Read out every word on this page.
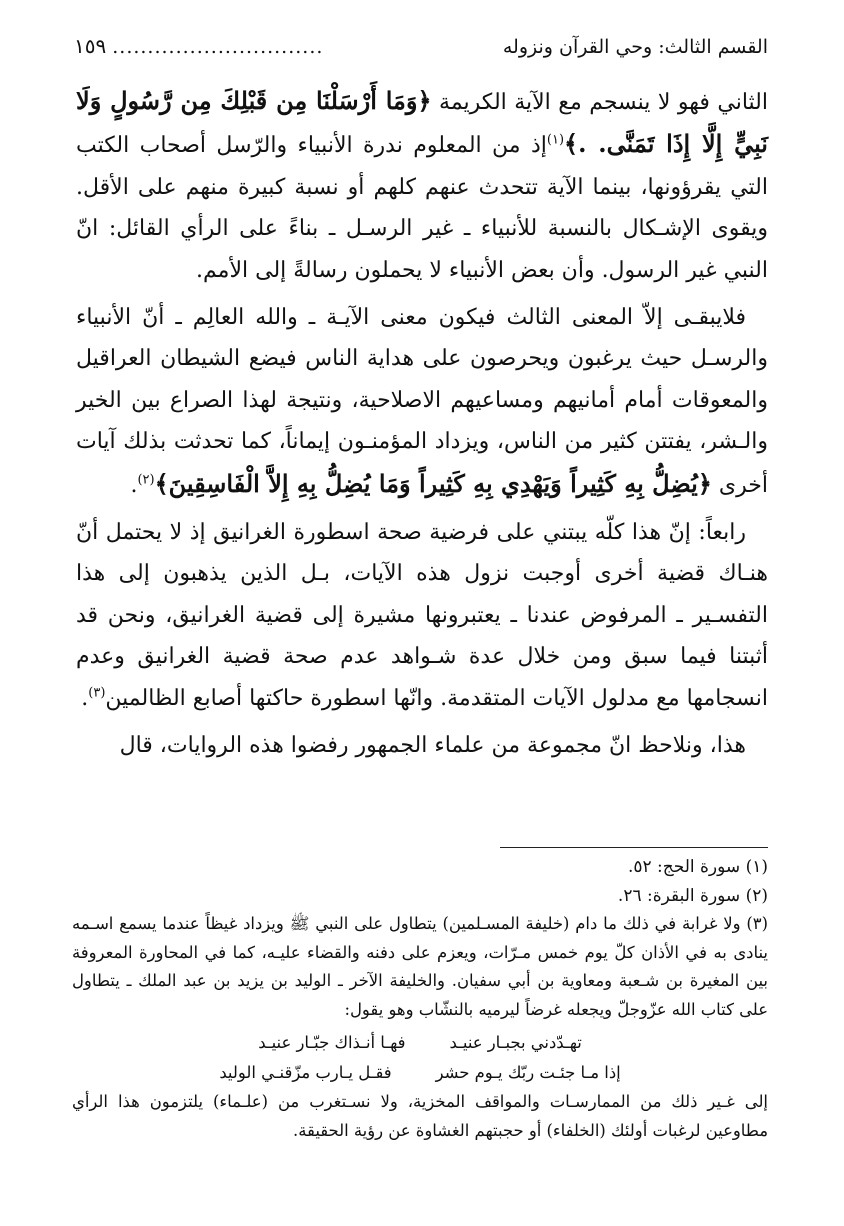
القسم الثالث: وحي القرآن ونزوله
..............................
١٥٩

الثاني فهو لا ينسجم مع الآية الكريمة ﴿وَمَا أَرْسَلْنَا مِن قَبْلِكَ مِن رَّسُولٍ وَلَا نَبِيٍّ إِلَّا إِذَا تَمَنَّى. .﴾$^{(١)}$إذ من المعلوم ندرة الأنبياء والرّسل أصحاب الكتب التي يقرؤونها، بينما الآية تتحدث عنهم كلهم أو نسبة كبيرة منهم على الأقل. ويقوى الإشـكال بالنسبة للأنبياء ـ غير الرسـل ـ بناءً على الرأي القائل: انّ النبي غير الرسول. وأن بعض الأنبياء لا يحملون رسالةً إلى الأمم.

فلايبقـى إلاّ المعنى الثالث فيكون معنى الآيـة ـ والله العالِم ـ أنّ الأنبياء والرسـل حيث يرغبون ويحرصون على هداية الناس فيضع الشيطان العراقيل والمعوقات أمام أمانيهم ومساعيهم الاصلاحية، ونتيجة لهذا الصراع بين الخير والـشر، يفتتن كثير من الناس، ويزداد المؤمنـون إيماناً، كما تحدثت بذلك آيات أخرى ﴿يُضِلُّ بِهِ كَثِيراً وَيَهْدِي بِهِ كَثِيراً وَمَا يُضِلُّ بِهِ إِلاَّ الْفَاسِقِينَ﴾$^{(٢)}$.

رابعاً: إنّ هذا كلّه يبتني على فرضية صحة اسطورة الغرانيق إذ لا يحتمل أنّ هنـاك قضية أخرى أوجبت نزول هذه الآيات، بـل الذين يذهبون إلى هذا التفسـير ـ المرفوض عندنا ـ يعتبرونها مشيرة إلى قضية الغرانيق، ونحن قد أثبتنا فيما سبق ومن خلال عدة شـواهد عدم صحة قضية الغرانيق وعدم انسجامها مع مدلول الآيات المتقدمة. وانّها اسطورة حاكتها أصابع الظالمين$^{(٣)}$.

هذا، ونلاحظ انّ مجموعة من علماء الجمهور رفضوا هذه الروايات، قال

(١) سورة الحج: ٥٢.

(٢) سورة البقرة: ٢٦.

(٣) ولا غرابة في ذلك ما دام (خليفة المسـلمين) يتطاول على النبي ﷺ ويزداد غيظاً عندما يسمع اسـمه ينادى به في الأذان كلّ يوم خمس مـرّات، ويعزم على دفنه والقضاء عليـه، كما في المحاورة المعروفة بين المغيرة بن شـعبة ومعاوية بن أبي سفيان. والخليفة الآخر ـ الوليد بن يزيد بن عبد الملك ـ يتطاول على كتاب الله عزّوجلّ ويجعله غرضاً ليرميه بالنشّاب وهو يقول:

تهـدّدني بجبـار عنيـد
فهـا أنـذاك جبّـار عنيـد
إذا مـا جئـت ربّك يـوم حشر
فقـل يـارب مزّقنـي الوليد

إلى غـير ذلك من الممارسـات والمواقف المخزية، ولا نسـتغرب من (علـماء) يلتزمون هذا الرأي مطاوعين لرغبات أولئك (الخلفاء) أو حجبتهم الغشاوة عن رؤية الحقيقة.
